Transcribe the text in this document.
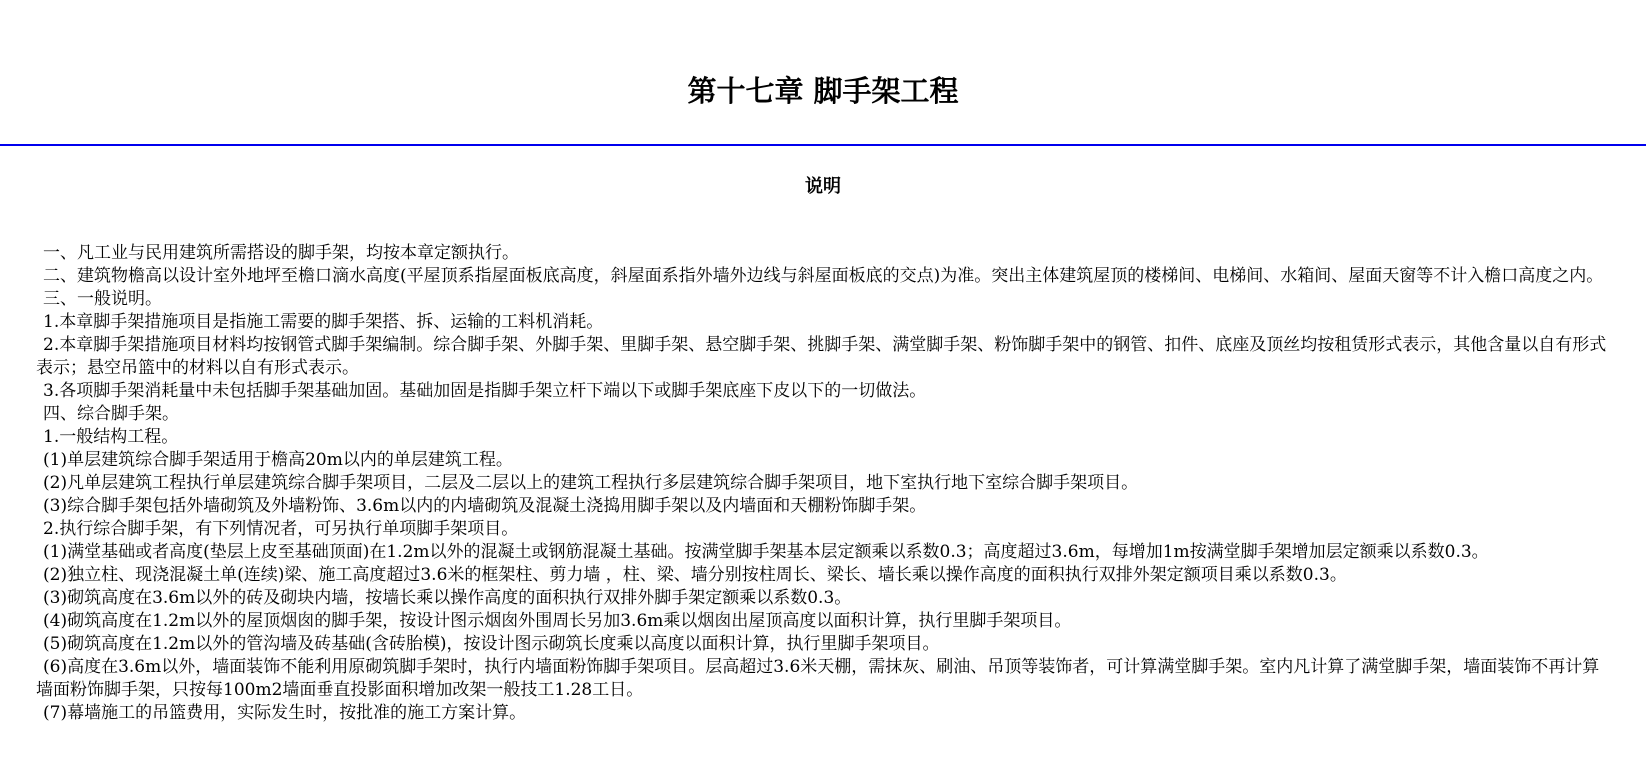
第十七章 脚手架工程
说明

一、凡工业与民用建筑所需搭设的脚手架，均按本章定额执行。

二、建筑物檐高以设计室外地坪至檐口滴水高度(平屋顶系指屋面板底高度，斜屋面系指外墙外边线与斜屋面板底的交点)为准。突出主体建筑屋顶的楼梯间、电梯间、水箱间、屋面天窗等不计入檐口高度之内。

三、一般说明。

1.本章脚手架措施项目是指施工需要的脚手架搭、拆、运输的工料机消耗。

2.本章脚手架措施项目材料均按钢管式脚手架编制。综合脚手架、外脚手架、里脚手架、悬空脚手架、挑脚手架、满堂脚手架、粉饰脚手架中的钢管、扣件、底座及顶丝均按租赁形式表示，其他含量以自有形式表示；悬空吊篮中的材料以自有形式表示。

3.各项脚手架消耗量中未包括脚手架基础加固。基础加固是指脚手架立杆下端以下或脚手架底座下皮以下的一切做法。

四、综合脚手架。

1.一般结构工程。

(1)单层建筑综合脚手架适用于檐高20m以内的单层建筑工程。

(2)凡单层建筑工程执行单层建筑综合脚手架项目，二层及二层以上的建筑工程执行多层建筑综合脚手架项目，地下室执行地下室综合脚手架项目。

(3)综合脚手架包括外墙砌筑及外墙粉饰、3.6m以内的内墙砌筑及混凝土浇捣用脚手架以及内墙面和天棚粉饰脚手架。

2.执行综合脚手架，有下列情况者，可另执行单项脚手架项目。

(1)满堂基础或者高度(垫层上皮至基础顶面)在1.2m以外的混凝土或钢筋混凝土基础。按满堂脚手架基本层定额乘以系数0.3；高度超过3.6m，每增加1m按满堂脚手架增加层定额乘以系数0.3。

(2)独立柱、现浇混凝土单(连续)梁、施工高度超过3.6米的框架柱、剪力墙 ，柱、梁、墙分别按柱周长、梁长、墙长乘以操作高度的面积执行双排外架定额项目乘以系数0.3。

(3)砌筑高度在3.6m以外的砖及砌块内墙，按墙长乘以操作高度的面积执行双排外脚手架定额乘以系数0.3。

(4)砌筑高度在1.2m以外的屋顶烟囱的脚手架，按设计图示烟囱外围周长另加3.6m乘以烟囱出屋顶高度以面积计算，执行里脚手架项目。

(5)砌筑高度在1.2m以外的管沟墙及砖基础(含砖胎模)，按设计图示砌筑长度乘以高度以面积计算，执行里脚手架项目。

(6)高度在3.6m以外，墙面装饰不能利用原砌筑脚手架时，执行内墙面粉饰脚手架项目。层高超过3.6米天棚，需抹灰、刷油、吊顶等装饰者，可计算满堂脚手架。室内凡计算了满堂脚手架，墙面装饰不再计算墙面粉饰脚手架，只按每100m2墙面垂直投影面积增加改架一般技工1.28工日。

(7)幕墙施工的吊篮费用，实际发生时，按批准的施工方案计算。
